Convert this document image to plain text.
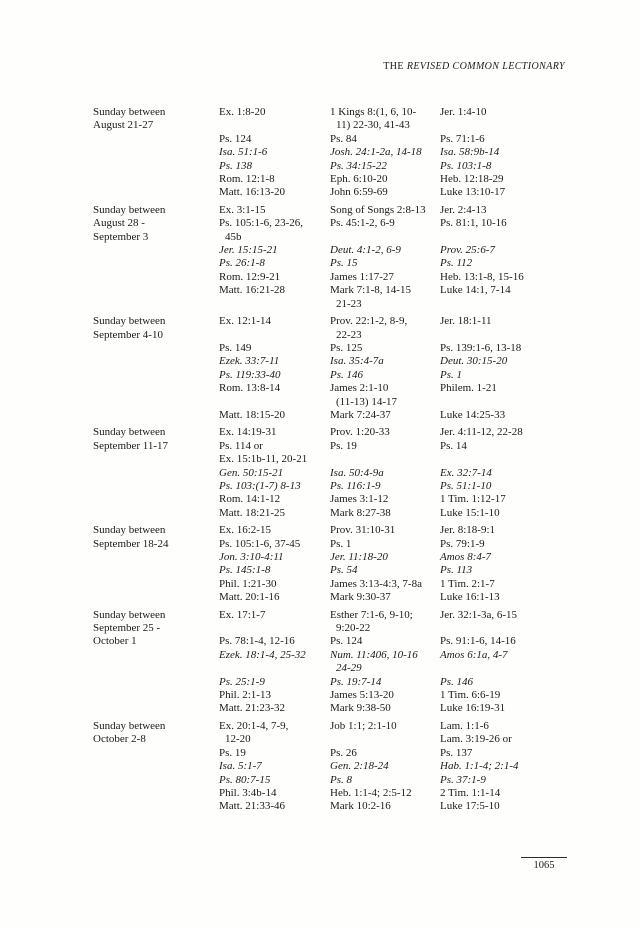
THE REVISED COMMON LECTIONARY
Sunday between
August 21-27
Ex. 1:8-20

Ps. 124
Isa. 51:1-6
Ps. 138
Rom. 12:1-8
Matt. 16:13-20
1 Kings 8:(1, 6, 10-
11) 22-30, 41-43
Ps. 84
Josh. 24:1-2a, 14-18
Ps. 34:15-22
Eph. 6:10-20
John 6:59-69
Jer. 1:4-10

Ps. 71:1-6
Isa. 58:9b-14
Ps. 103:1-8
Heb. 12:18-29
Luke 13:10-17
Sunday between
August 28 -
September 3
Ex. 3:1-15
Ps. 105:1-6, 23-26,
45b
Jer. 15:15-21
Ps. 26:1-8
Rom. 12:9-21
Matt. 16:21-28

Song of Songs 2:8-13
Ps. 45:1-2, 6-9

Deut. 4:1-2, 6-9
Ps. 15
James 1:17-27
Mark 7:1-8, 14-15
21-23
Jer. 2:4-13
Ps. 81:1, 10-16

Prov. 25:6-7
Ps. 112
Heb. 13:1-8, 15-16
Luke 14:1, 7-14

Sunday between
September 4-10
Ex. 12:1-14

Ps. 149
Ezek. 33:7-11
Ps. 119:33-40
Rom. 13:8-14

Matt. 18:15-20
Prov. 22:1-2, 8-9,
22-23
Ps. 125
Isa. 35:4-7a
Ps. 146
James 2:1-10
(11-13) 14-17
Mark 7:24-37
Jer. 18:1-11

Ps. 139:1-6, 13-18
Deut. 30:15-20
Ps. 1
Philem. 1-21

Luke 14:25-33
Sunday between
September 11-17
Ex. 14:19-31
Ps. 114 or
Ex. 15:1b-11, 20-21
Gen. 50:15-21
Ps. 103:(1-7) 8-13
Rom. 14:1-12
Matt. 18:21-25
Prov. 1:20-33
Ps. 19

Isa. 50:4-9a
Ps. 116:1-9
James 3:1-12
Mark 8:27-38
Jer. 4:11-12, 22-28
Ps. 14

Ex. 32:7-14
Ps. 51:1-10
1 Tim. 1:12-17
Luke 15:1-10
Sunday between
September 18-24
Ex. 16:2-15
Ps. 105:1-6, 37-45
Jon. 3:10-4:11
Ps. 145:1-8
Phil. 1:21-30
Matt. 20:1-16
Prov. 31:10-31
Ps. 1
Jer. 11:18-20
Ps. 54
James 3:13-4:3, 7-8a
Mark 9:30-37
Jer. 8:18-9:1
Ps. 79:1-9
Amos 8:4-7
Ps. 113
1 Tim. 2:1-7
Luke 16:1-13
Sunday between
September 25 -
October 1
Ex. 17:1-7

Ps. 78:1-4, 12-16
Ezek. 18:1-4, 25-32

Ps. 25:1-9
Phil. 2:1-13
Matt. 21:23-32
Esther 7:1-6, 9-10;
9:20-22
Ps. 124
Num. 11:406, 10-16
24-29
Ps. 19:7-14
James 5:13-20
Mark 9:38-50
Jer. 32:1-3a, 6-15

Ps. 91:1-6, 14-16
Amos 6:1a, 4-7

Ps. 146
1 Tim. 6:6-19
Luke 16:19-31
Sunday between
October 2-8
Ex. 20:1-4, 7-9,
12-20
Ps. 19
Isa. 5:1-7
Ps. 80:7-15
Phil. 3:4b-14
Matt. 21:33-46
Job 1:1; 2:1-10

Ps. 26
Gen. 2:18-24
Ps. 8
Heb. 1:1-4; 2:5-12
Mark 10:2-16
Lam. 1:1-6
Lam. 3:19-26 or
Ps. 137
Hab. 1:1-4; 2:1-4
Ps. 37:1-9
2 Tim. 1:1-14
Luke 17:5-10
1065
